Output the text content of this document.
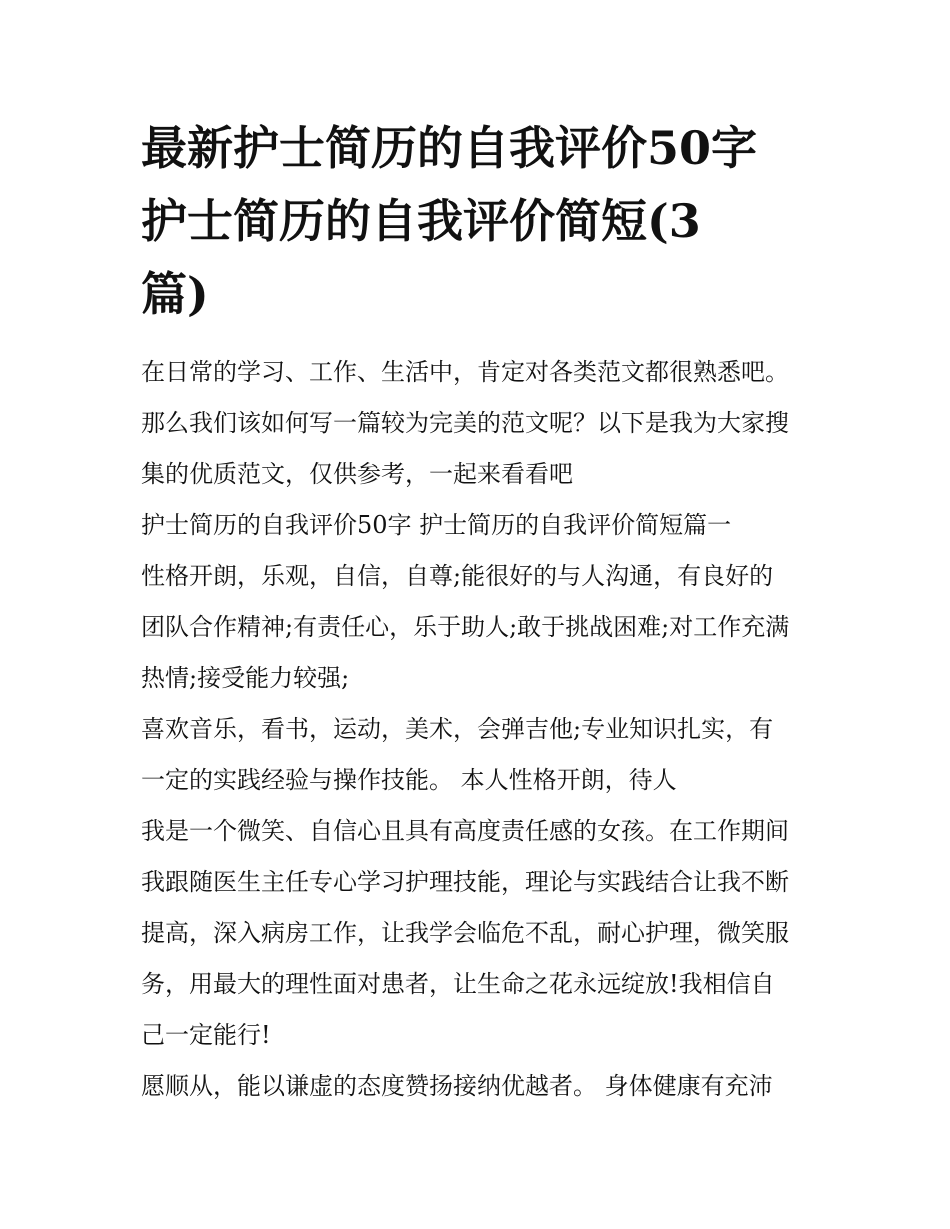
最新护士简历的自我评价50字
护士简历的自我评价简短(3
篇)

在日常的学习、工作、生活中，肯定对各类范文都很熟悉吧。
那么我们该如何写一篇较为完美的范文呢？以下是我为大家搜
集的优质范文，仅供参考，一起来看看吧

护士简历的自我评价50字 护士简历的自我评价简短篇一

性格开朗，乐观，自信，自尊;能很好的与人沟通，有良好的
团队合作精神;有责任心，乐于助人;敢于挑战困难;对工作充满
热情;接受能力较强;

喜欢音乐，看书，运动，美术，会弹吉他;专业知识扎实，有
一定的实践经验与操作技能。 本人性格开朗，待人

我是一个微笑、自信心且具有高度责任感的女孩。在工作期间
我跟随医生主任专心学习护理技能，理论与实践结合让我不断
提高，深入病房工作，让我学会临危不乱，耐心护理，微笑服
务，用最大的理性面对患者，让生命之花永远绽放!我相信自
己一定能行!

愿顺从，能以谦虚的态度赞扬接纳优越者。 身体健康有充沛
